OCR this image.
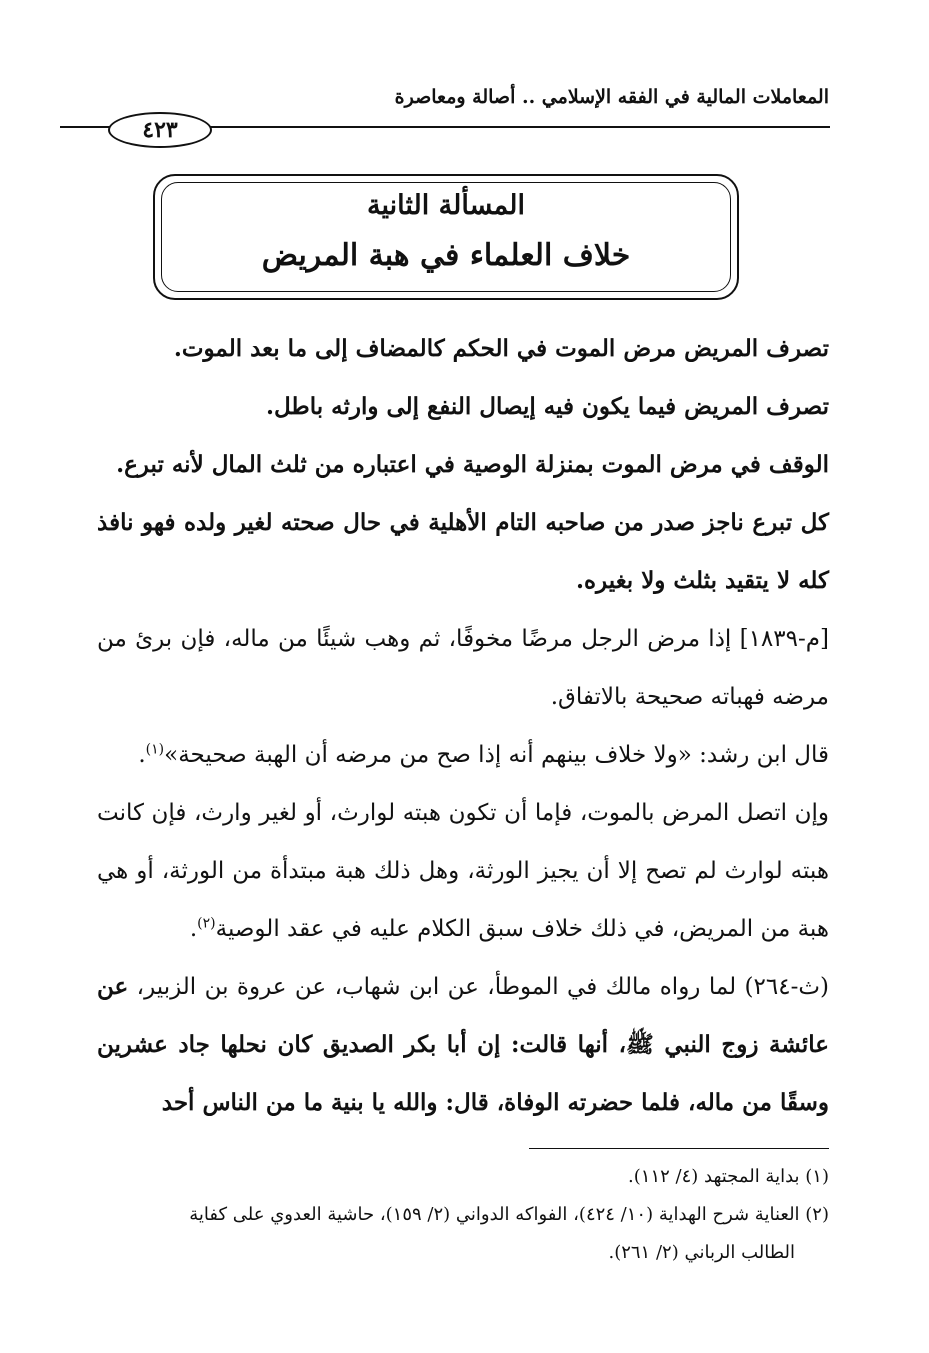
المعاملات المالية في الفقه الإسلامي .. أصالة ومعاصرة
٤٢٣
المسألة الثانية
خلاف العلماء في هبة المريض

تصرف المريض مرض الموت في الحكم كالمضاف إلى ما بعد الموت.

تصرف المريض فيما يكون فيه إيصال النفع إلى وارثه باطل.

الوقف في مرض الموت بمنزلة الوصية في اعتباره من ثلث المال لأنه تبرع.

كل تبرع ناجز صدر من صاحبه التام الأهلية في حال صحته لغير ولده فهو نافذ كله لا يتقيد بثلث ولا بغيره.

[م-١٨٣٩] إذا مرض الرجل مرضًا مخوفًا، ثم وهب شيئًا من ماله، فإن برئ من مرضه فهباته صحيحة بالاتفاق.

قال ابن رشد: «ولا خلاف بينهم أنه إذا صح من مرضه أن الهبة صحيحة»$^{(١)}$.

وإن اتصل المرض بالموت، فإما أن تكون هبته لوارث، أو لغير وارث، فإن كانت هبته لوارث لم تصح إلا أن يجيز الورثة، وهل ذلك هبة مبتدأة من الورثة، أو هي هبة من المريض، في ذلك خلاف سبق الكلام عليه في عقد الوصية$^{(٢)}$.

(ث-٢٦٤) لما رواه مالك في الموطأ، عن ابن شهاب، عن عروة بن الزبير، عن عائشة زوج النبي ﷺ، أنها قالت: إن أبا بكر الصديق كان نحلها جاد عشرين وسقًا من ماله، فلما حضرته الوفاة، قال: والله يا بنية ما من الناس أحد

(١) بداية المجتهد (٤/ ١١٢).

(٢) العناية شرح الهداية (١٠/ ٤٢٤)، الفواكه الدواني (٢/ ١٥٩)، حاشية العدوي على كفاية

الطالب الرباني (٢/ ٢٦١).
